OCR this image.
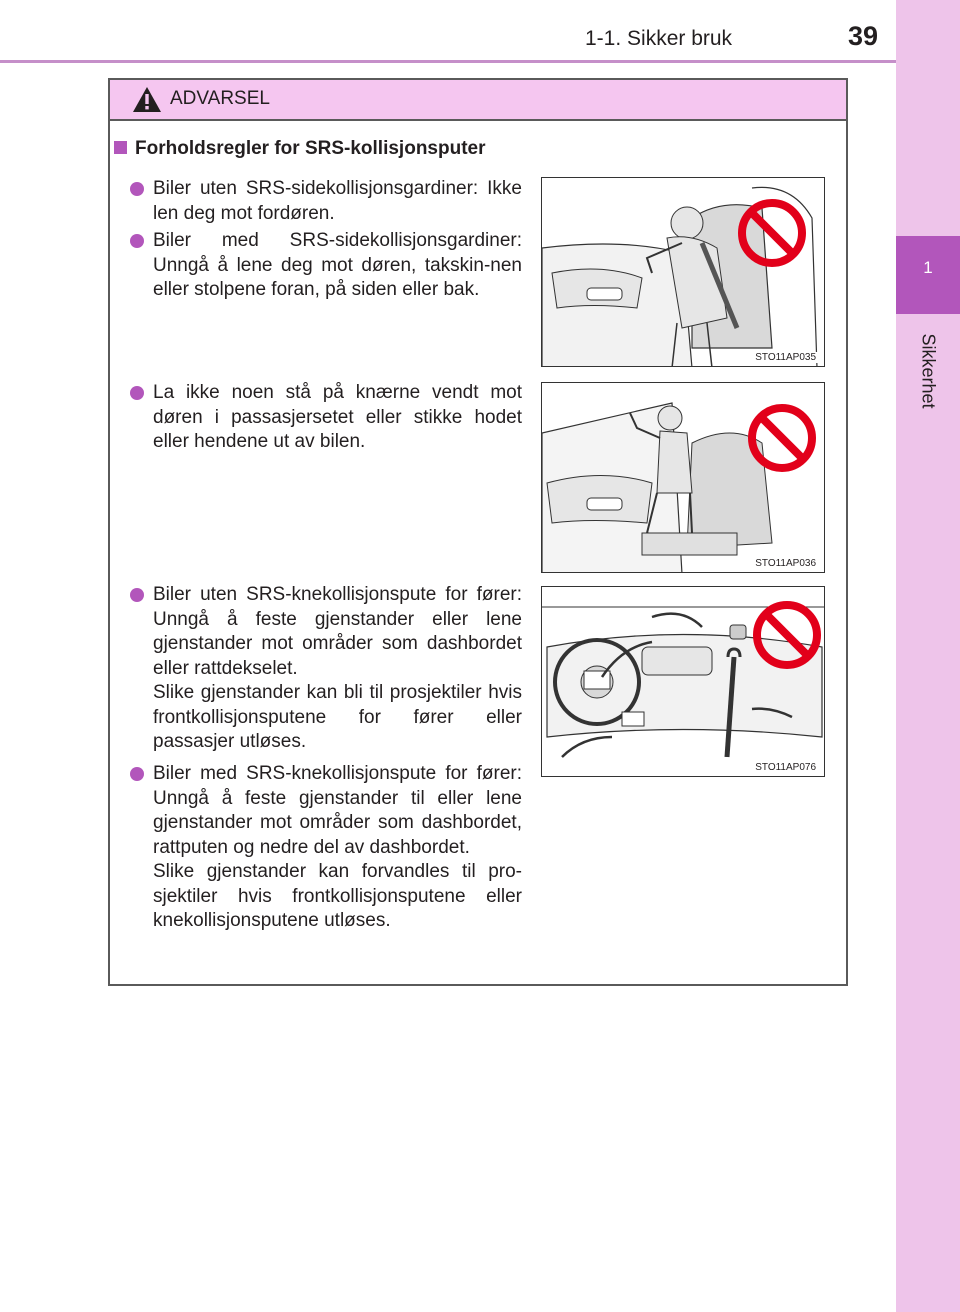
1-1. Sikker bruk	39
1
Sikkerhet
ADVARSEL
Forholdsregler for SRS-kollisjonsputer
Biler uten SRS-sidekollisjonsgardiner: Ikke len deg mot fordøren.
Biler med SRS-sidekollisjonsgardiner: Unngå å lene deg mot døren, takskin-nen eller stolpene foran, på siden eller bak.
La ikke noen stå på knærne vendt mot døren i passasjersetet eller stikke hodet eller hendene ut av bilen.
Biler uten SRS-knekollisjonspute for fører: Unngå å feste gjenstander eller lene gjenstander mot områder som dashbordet eller rattdekselet.
Slike gjenstander kan bli til prosjektiler hvis frontkollisjonsputene for fører eller passasjer utløses.
Biler med SRS-knekollisjonspute for fører: Unngå å feste gjenstander til eller lene gjenstander mot områder som dashbordet, rattputen og nedre del av dashbordet.
Slike gjenstander kan forvandles til pro-sjektiler hvis frontkollisjonsputene eller knekollisjonsputene utløses.
STO11AP035
STO11AP036
STO11AP076
